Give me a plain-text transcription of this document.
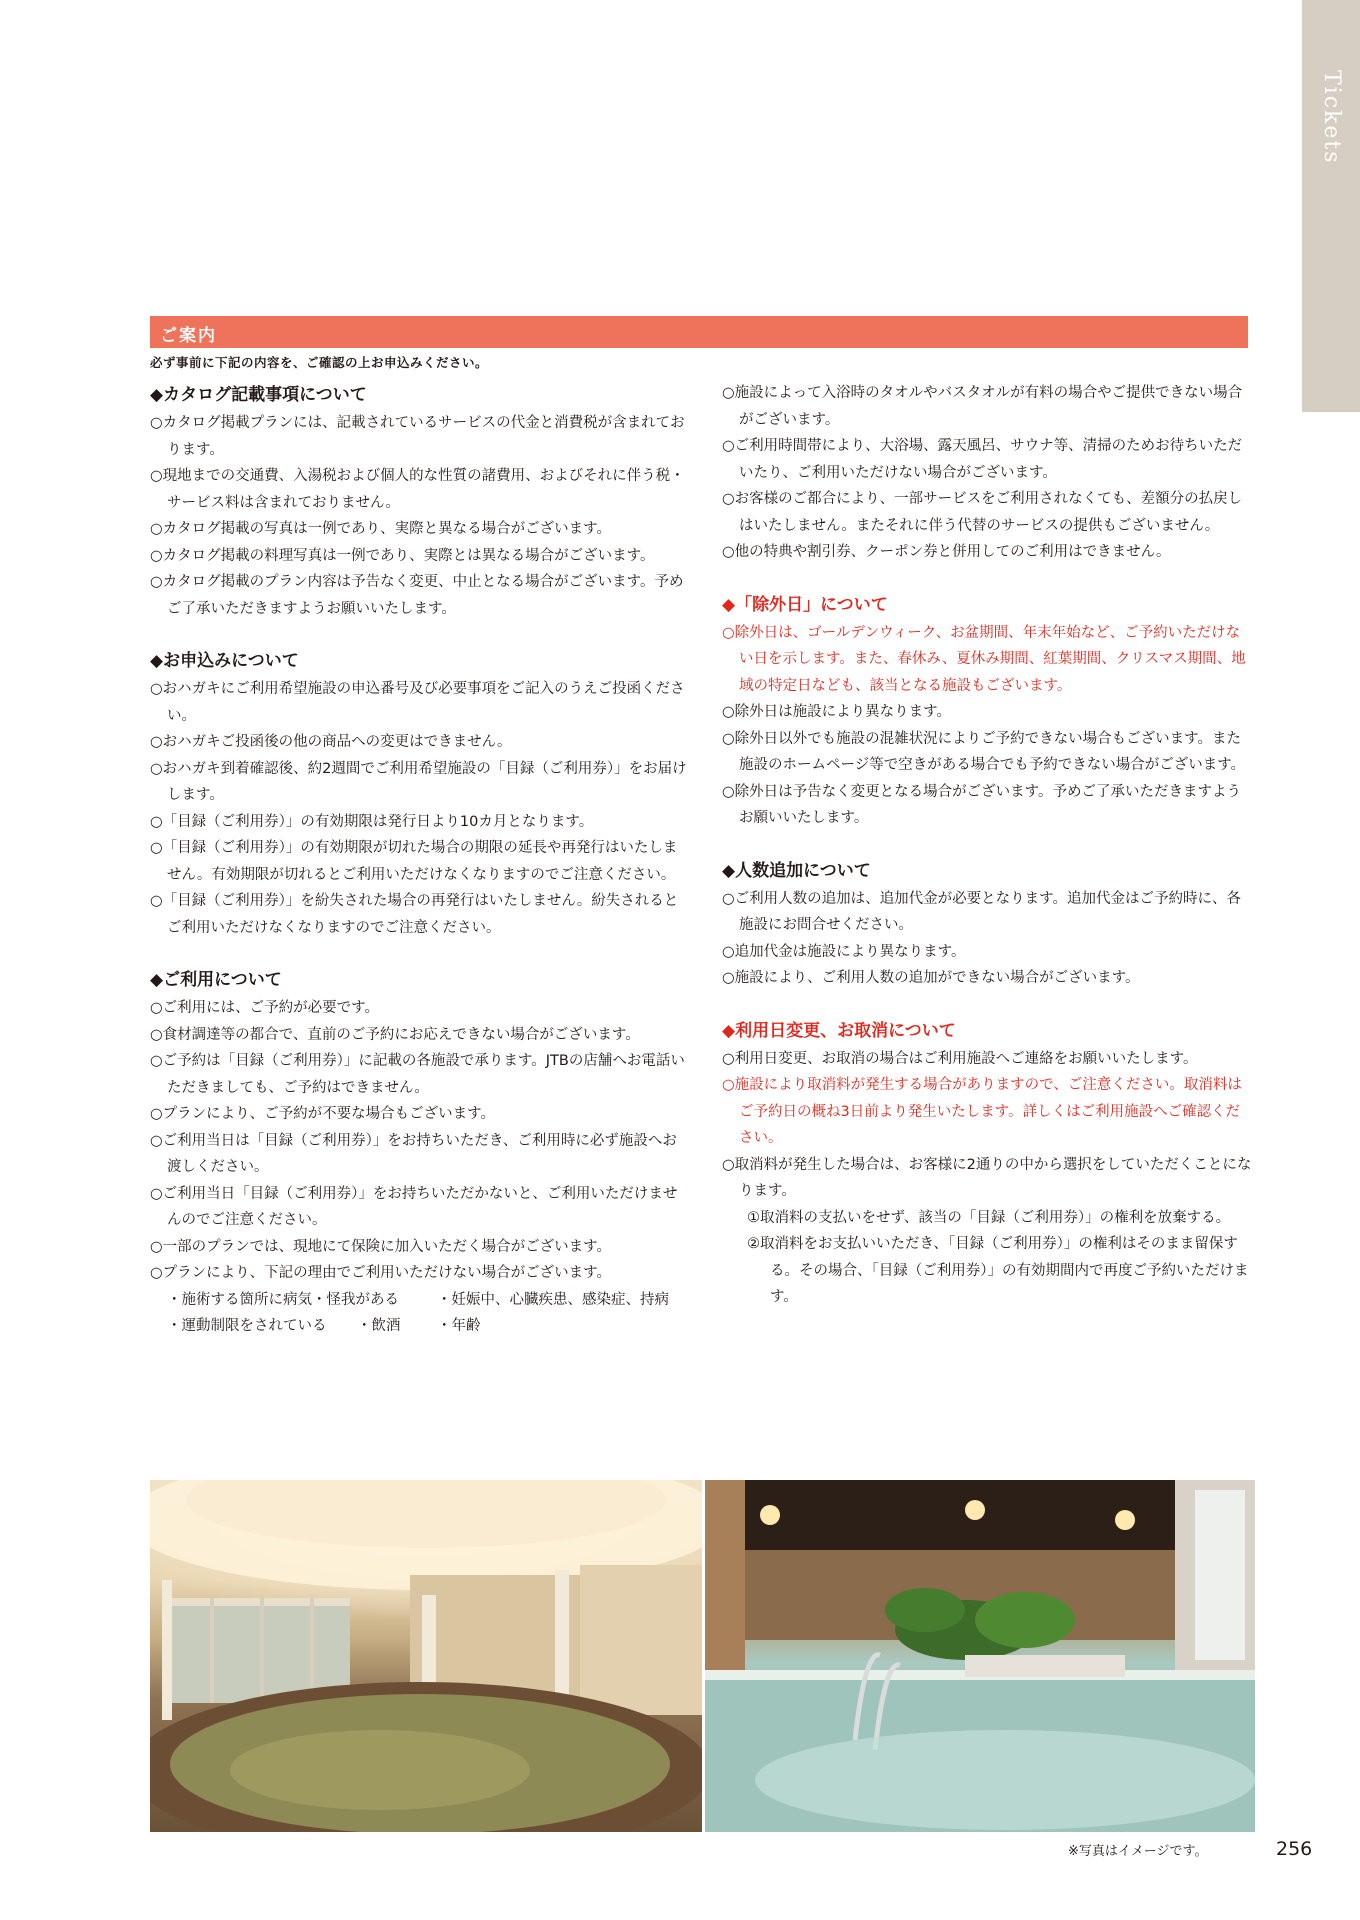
Tickets
ご案内
必ず事前に下記の内容を、ご確認の上お申込みください。

◆カタログ記載事項について

○カタログ掲載プランには、記載されているサービスの代金と消費税が含まれております。

○現地までの交通費、入湯税および個人的な性質の諸費用、およびそれに伴う税・サービス料は含まれておりません。

○カタログ掲載の写真は一例であり、実際と異なる場合がございます。

○カタログ掲載の料理写真は一例であり、実際とは異なる場合がございます。

○カタログ掲載のプラン内容は予告なく変更、中止となる場合がございます。予めご了承いただきますようお願いいたします。

◆お申込みについて

○おハガキにご利用希望施設の申込番号及び必要事項をご記入のうえご投函ください。

○おハガキご投函後の他の商品への変更はできません。

○おハガキ到着確認後、約2週間でご利用希望施設の「目録（ご利用券）」をお届けします。

○「目録（ご利用券）」の有効期限は発行日より10カ月となります。

○「目録（ご利用券）」の有効期限が切れた場合の期限の延長や再発行はいたしません。有効期限が切れるとご利用いただけなくなりますのでご注意ください。

○「目録（ご利用券）」を紛失された場合の再発行はいたしません。紛失されるとご利用いただけなくなりますのでご注意ください。

◆ご利用について

○ご利用には、ご予約が必要です。

○食材調達等の都合で、直前のご予約にお応えできない場合がございます。

○ご予約は「目録（ご利用券）」に記載の各施設で承ります。JTBの店舗へお電話いただきましても、ご予約はできません。

○プランにより、ご予約が不要な場合もございます。

○ご利用当日は「目録（ご利用券）」をお持ちいただき、ご利用時に必ず施設へお渡しください。

○ご利用当日「目録（ご利用券）」をお持ちいただかないと、ご利用いただけませんのでご注意ください。

○一部のプランでは、現地にて保険に加入いただく場合がございます。

○プランにより、下記の理由でご利用いただけない場合がございます。

・施術する箇所に病気・怪我がある	・妊娠中、心臓疾患、感染症、持病
・運動制限をされている	・飲酒	・年齢

○施設によって入浴時のタオルやバスタオルが有料の場合やご提供できない場合がございます。

○ご利用時間帯により、大浴場、露天風呂、サウナ等、清掃のためお待ちいただいたり、ご利用いただけない場合がございます。

○お客様のご都合により、一部サービスをご利用されなくても、差額分の払戻しはいたしません。またそれに伴う代替のサービスの提供もございません。

○他の特典や割引券、クーポン券と併用してのご利用はできません。

◆「除外日」について

○除外日は、ゴールデンウィーク、お盆期間、年末年始など、ご予約いただけない日を示します。また、春休み、夏休み期間、紅葉期間、クリスマス期間、地域の特定日なども、該当となる施設もございます。

○除外日は施設により異なります。

○除外日以外でも施設の混雑状況によりご予約できない場合もございます。また施設のホームページ等で空きがある場合でも予約できない場合がございます。

○除外日は予告なく変更となる場合がございます。予めご了承いただきますようお願いいたします。

◆人数追加について

○ご利用人数の追加は、追加代金が必要となります。追加代金はご予約時に、各施設にお問合せください。

○追加代金は施設により異なります。

○施設により、ご利用人数の追加ができない場合がございます。

◆利用日変更、お取消について

○利用日変更、お取消の場合はご利用施設へご連絡をお願いいたします。

○施設により取消料が発生する場合がありますので、ご注意ください。取消料はご予約日の概ね3日前より発生いたします。詳しくはご利用施設へご確認ください。

○取消料が発生した場合は、お客様に2通りの中から選択をしていただくことになります。

①取消料の支払いをせず、該当の「目録（ご利用券）」の権利を放棄する。

②取消料をお支払いいただき、「目録（ご利用券）」の権利はそのまま留保する。その場合、「目録（ご利用券）」の有効期間内で再度ご予約いただけます。

※写真はイメージです。	256
